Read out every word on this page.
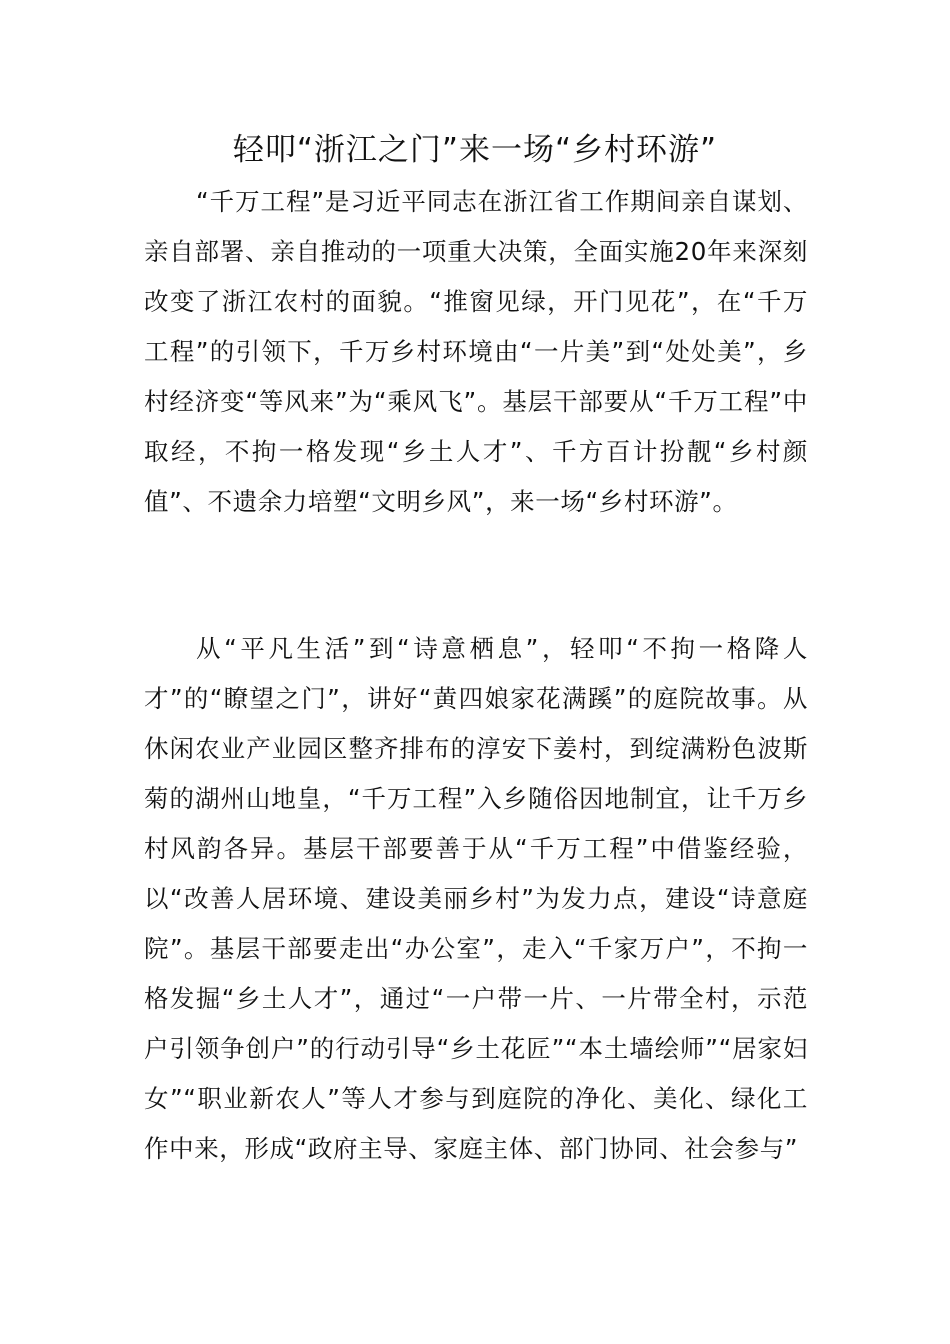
轻叩“浙江之门”来一场“乡村环游”

“千万工程”是习近平同志在浙江省工作期间亲自谋划、亲自部署、亲自推动的一项重大决策，全面实施20年来深刻改变了浙江农村的面貌。“推窗见绿，开门见花”，在“千万工程”的引领下，千万乡村环境由“一片美”到“处处美”，乡村经济变“等风来”为“乘风飞”。基层干部要从“千万工程”中取经，不拘一格发现“乡土人才”、千方百计扮靓“乡村颜值”、不遗余力培塑“文明乡风”，来一场“乡村环游”。

从“平凡生活”到“诗意栖息”，轻叩“不拘一格降人才”的“瞭望之门”，讲好“黄四娘家花满蹊”的庭院故事。从休闲农业产业园区整齐排布的淳安下姜村，到绽满粉色波斯菊的湖州山地皇，“千万工程”入乡随俗因地制宜，让千万乡村风韵各异。基层干部要善于从“千万工程”中借鉴经验，以“改善人居环境、建设美丽乡村”为发力点，建设“诗意庭院”。基层干部要走出“办公室”，走入“千家万户”，不拘一格发掘“乡土人才”，通过“一户带一片、一片带全村，示范户引领争创户”的行动引导“乡土花匠”“本土墙绘师”“居家妇女”“职业新农人”等人才参与到庭院的净化、美化、绿化工作中来，形成“政府主导、家庭主体、部门协同、社会参与”
